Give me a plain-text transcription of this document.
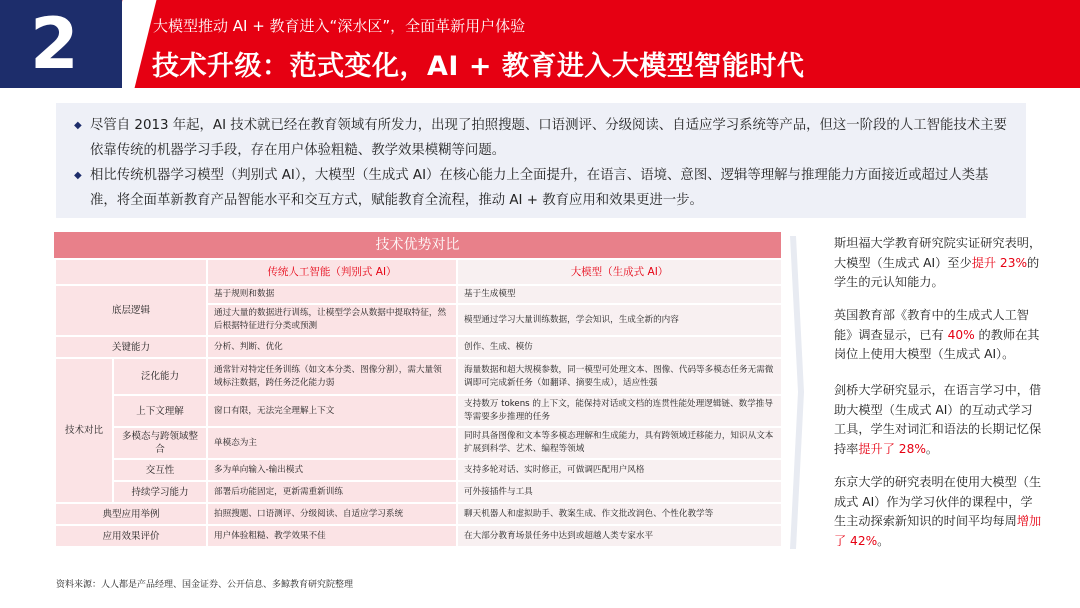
2	大模型推动 AI + 教育进入“深水区”，全面革新用户体验
技术升级：范式变化，AI + 教育进入大模型智能时代
◆ 尽管自 2013 年起，AI 技术就已经在教育领域有所发力，出现了拍照搜题、口语测评、分级阅读、自适应学习系统等产品，但这一阶段的人工智能技术主要依靠传统的机器学习手段，存在用户体验粗糙、教学效果模糊等问题。
◆ 相比传统机器学习模型（判别式 AI），大模型（生成式 AI）在核心能力上全面提升，在语言、语境、意图、逻辑等理解与推理能力方面接近或超过人类基准，将全面革新教育产品智能水平和交互方式，赋能教育全流程，推动 AI + 教育应用和效果更进一步。
技术优势对比
		传统人工智能（判别式 AI）	大模型（生成式 AI）
底层逻辑		基于规则和数据	基于生成模型
		通过大量的数据进行训练，让模型学会从数据中提取特征，然后根据特征进行分类或预测	模型通过学习大量训练数据，学会知识，生成全新的内容
关键能力		分析、判断、优化	创作、生成、模仿
技术对比	泛化能力	通常针对特定任务训练（如文本分类、图像分割），需大量领域标注数据，跨任务泛化能力弱	海量数据和超大规模参数，同一模型可处理文本、图像、代码等多模态任务无需微调即可完成新任务（如翻译、摘要生成），适应性强
	上下文理解	窗口有限，无法完全理解上下文	支持数万 tokens 的上下文，能保持对话或文档的连贯性能处理逻辑链、数学推导等需要多步推理的任务
	多模态与跨领域整合	单模态为主	同时具备图像和文本等多模态理解和生成能力，具有跨领域迁移能力，知识从文本扩展到科学、艺术、编程等领域
	交互性	多为单向输入-输出模式	支持多轮对话、实时修正，可做调匹配用户风格
	持续学习能力	部署后功能固定，更新需重新训练	可外接插件与工具
典型应用举例		拍照搜题、口语测评、分级阅读、自适应学习系统	聊天机器人和虚拟助手、教案生成、作文批改润色、个性化教学等
应用效果评价		用户体验粗糙、教学效果不佳	在大部分教育场景任务中达到或超越人类专家水平
斯坦福大学教育研究院实证研究表明，大模型（生成式 AI）至少提升 23%的学生的元认知能力。
英国教育部《教育中的生成式人工智能》调查显示，已有 40% 的教师在其岗位上使用大模型（生成式 AI）。
剑桥大学研究显示，在语言学习中，借助大模型（生成式 AI）的互动式学习工具，学生对词汇和语法的长期记忆保持率提升了 28%。
东京大学的研究表明在使用大模型（生成式 AI）作为学习伙伴的课程中，学生主动探索新知识的时间平均每周增加了 42%。
资料来源：人人都是产品经理、国金证券、公开信息、多鲸教育研究院整理
